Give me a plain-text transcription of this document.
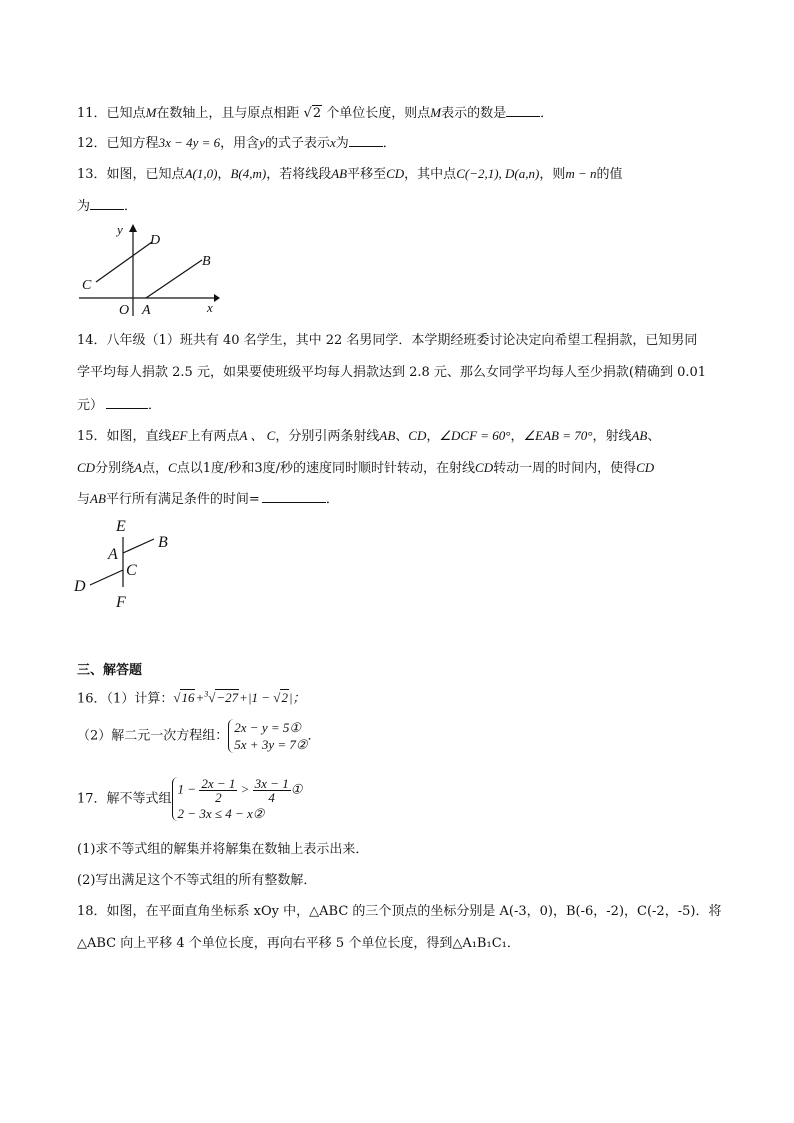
11．已知点M在数轴上，且与原点相距 √2 个单位长度，则点M表示的数是	．
12．已知方程3x − 4y = 6，用含y的式子表示x为	．
13．如图，已知点A(1,0)，B(4,m)，若将线段AB平移至CD，其中点C(−2,1), D(a,n)，则m − n的值
为	．
y
D
B
C
O A	x
14．八年级（1）班共有 40 名学生，其中 22 名男同学．本学期经班委讨论决定向希望工程捐款，已知男同
学平均每人捐款 2.5 元，如果要使班级平均每人捐款达到 2.8 元、那么女同学平均每人至少捐款(精确到 0.01
元）	．
15．如图，直线EF上有两点A 、 C，分别引两条射线AB、CD，∠DCF = 60°，∠EAB = 70°，射线AB、
CD分别绕A点，C点以1度/秒和3度/秒的速度同时顺时针转动，在射线CD转动一周的时间内，使得CD
与AB平行所有满足条件的时间=	．
E
A
B
C
D
F
三、解答题
16．（1）计算：√16+$^3$√−27+|1 − √2|；
（2）解二元一次方程组：
2x − y = 5①
5x + 3y = 7②
．
17．解不等式组
$1 - \frac{2x - 1}{2} > \frac{3x - 1}{4}$ ①
2 − 3x ≤ 4 − x②
(1)求不等式组的解集并将解集在数轴上表示出来．
(2)写出满足这个不等式组的所有整数解．
18．如图，在平面直角坐标系 xOy 中，△ABC 的三个顶点的坐标分别是 A(-3，0)，B(-6，-2)，C(-2，-5)．将
△ABC 向上平移 4 个单位长度，再向右平移 5 个单位长度，得到△A₁B₁C₁．
